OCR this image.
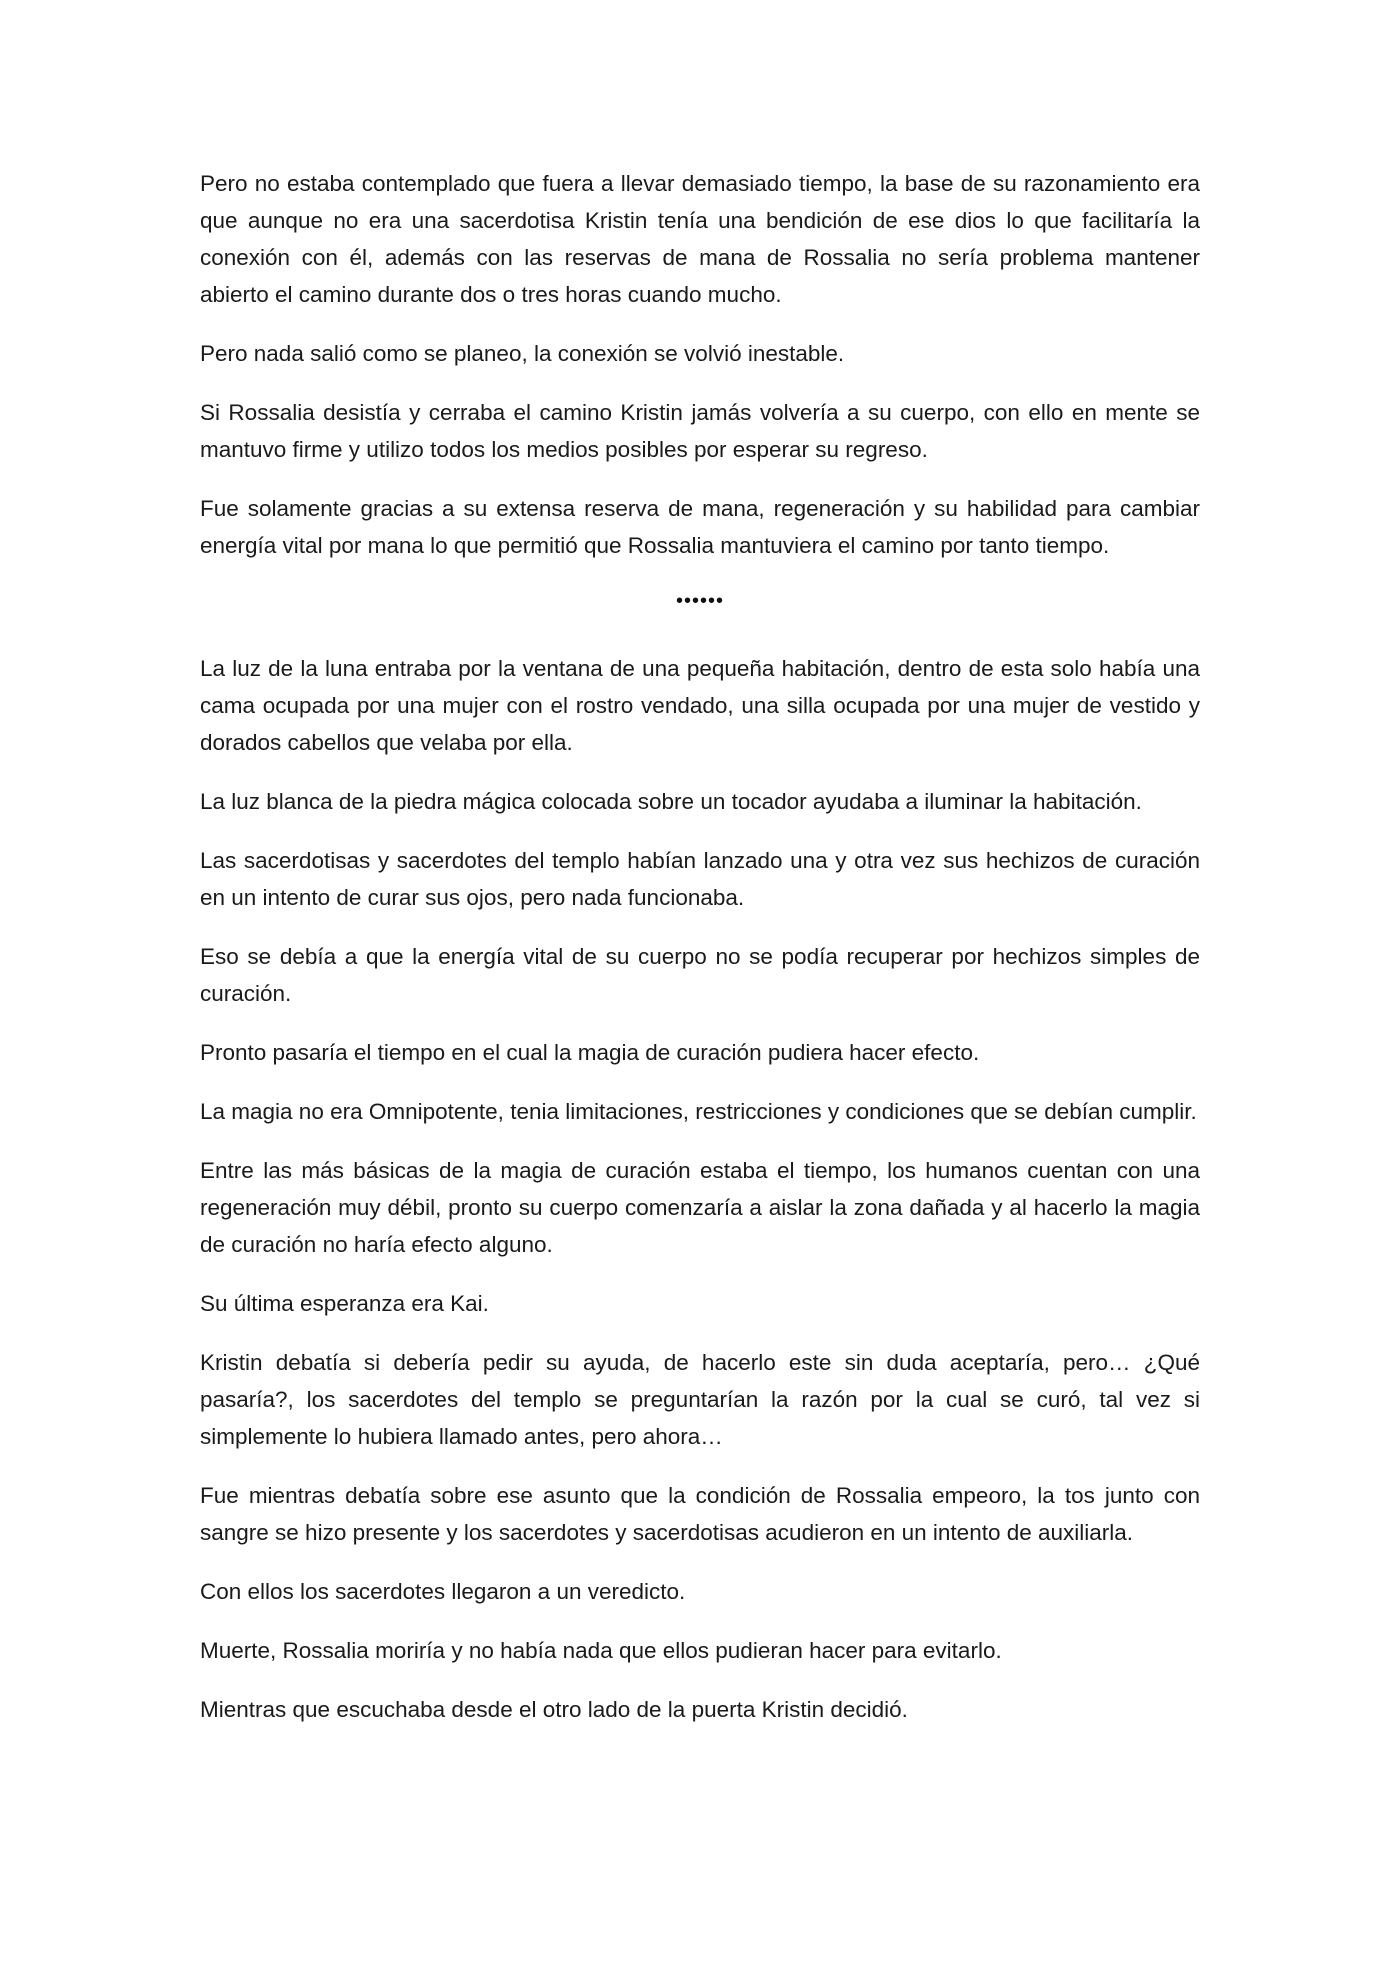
Pero no estaba contemplado que fuera a llevar demasiado tiempo, la base de su razonamiento era que aunque no era una sacerdotisa Kristin tenía una bendición de ese dios lo que facilitaría la conexión con él, además con las reservas de mana de Rossalia no sería problema mantener abierto el camino durante dos o tres horas cuando mucho.

Pero nada salió como se planeo, la conexión se volvió inestable.

Si Rossalia desistía y cerraba el camino Kristin jamás volvería a su cuerpo, con ello en mente se mantuvo firme y utilizo todos los medios posibles por esperar su regreso.

Fue solamente gracias a su extensa reserva de mana, regeneración y su habilidad para cambiar energía vital por mana lo que permitió que Rossalia mantuviera el camino por tanto tiempo.

••••••

La luz de la luna entraba por la ventana de una pequeña habitación, dentro de esta solo había una cama ocupada por una mujer con el rostro vendado, una silla ocupada por una mujer de vestido y dorados cabellos que velaba por ella.

La luz blanca de la piedra mágica colocada sobre un tocador ayudaba a iluminar la habitación.

Las sacerdotisas y sacerdotes del templo habían lanzado una y otra vez sus hechizos de curación en un intento de curar sus ojos, pero nada funcionaba.

Eso se debía a que la energía vital de su cuerpo no se podía recuperar por hechizos simples de curación.

Pronto pasaría el tiempo en el cual la magia de curación pudiera hacer efecto.

La magia no era Omnipotente, tenia limitaciones, restricciones y condiciones que se debían cumplir.

Entre las más básicas de la magia de curación estaba el tiempo, los humanos cuentan con una regeneración muy débil, pronto su cuerpo comenzaría a aislar la zona dañada y al hacerlo la magia de curación no haría efecto alguno.

Su última esperanza era Kai.

Kristin debatía si debería pedir su ayuda, de hacerlo este sin duda aceptaría, pero… ¿Qué pasaría?, los sacerdotes del templo se preguntarían la razón por la cual se curó, tal vez si simplemente lo hubiera llamado antes, pero ahora…

Fue mientras debatía sobre ese asunto que la condición de Rossalia empeoro, la tos junto con sangre se hizo presente y los sacerdotes y sacerdotisas acudieron en un intento de auxiliarla.

Con ellos los sacerdotes llegaron a un veredicto.

Muerte, Rossalia moriría y no había nada que ellos pudieran hacer para evitarlo.

Mientras que escuchaba desde el otro lado de la puerta Kristin decidió.
